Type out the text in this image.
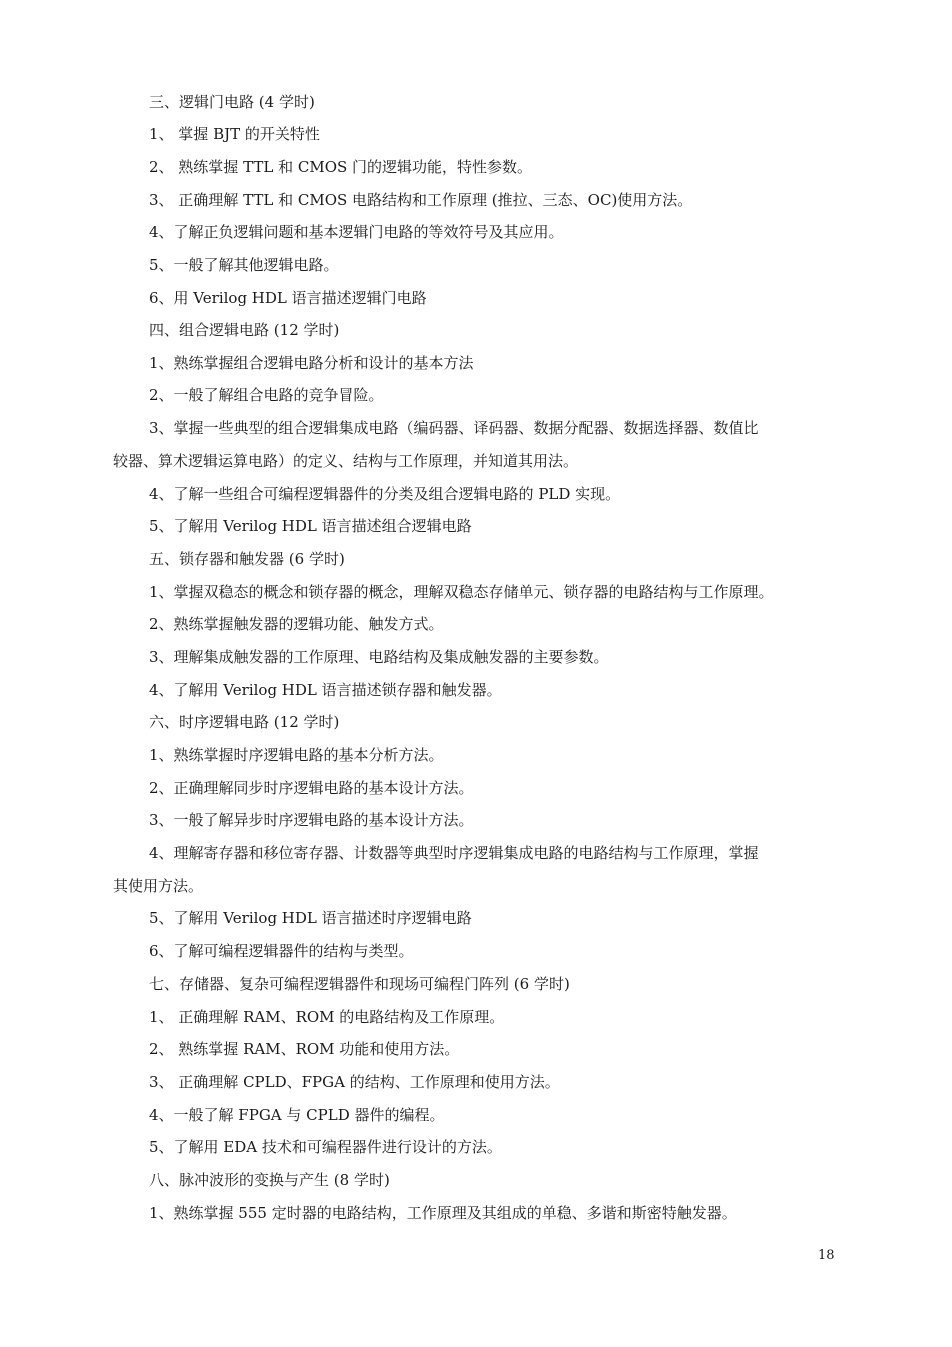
三、逻辑门电路 (4 学时)
1、 掌握 BJT 的开关特性
2、 熟练掌握 TTL 和 CMOS 门的逻辑功能，特性参数。
3、 正确理解 TTL 和 CMOS 电路结构和工作原理 (推拉、三态、OC)使用方法。
4、了解正负逻辑问题和基本逻辑门电路的等效符号及其应用。
5、一般了解其他逻辑电路。
6、用 Verilog HDL 语言描述逻辑门电路
四、组合逻辑电路 (12 学时)
1、熟练掌握组合逻辑电路分析和设计的基本方法
2、一般了解组合电路的竞争冒险。
3、掌握一些典型的组合逻辑集成电路（编码器、译码器、数据分配器、数据选择器、数值比
较器、算术逻辑运算电路）的定义、结构与工作原理，并知道其用法。
4、了解一些组合可编程逻辑器件的分类及组合逻辑电路的 PLD 实现。
5、了解用 Verilog HDL 语言描述组合逻辑电路
五、锁存器和触发器 (6 学时)
1、掌握双稳态的概念和锁存器的概念，理解双稳态存储单元、锁存器的电路结构与工作原理。
2、熟练掌握触发器的逻辑功能、触发方式。
3、理解集成触发器的工作原理、电路结构及集成触发器的主要参数。
4、了解用 Verilog HDL 语言描述锁存器和触发器。
六、时序逻辑电路 (12 学时)
1、熟练掌握时序逻辑电路的基本分析方法。
2、正确理解同步时序逻辑电路的基本设计方法。
3、一般了解异步时序逻辑电路的基本设计方法。
4、理解寄存器和移位寄存器、计数器等典型时序逻辑集成电路的电路结构与工作原理，掌握
其使用方法。
5、了解用 Verilog HDL 语言描述时序逻辑电路
6、了解可编程逻辑器件的结构与类型。
七、存储器、复杂可编程逻辑器件和现场可编程门阵列 (6 学时)
1、 正确理解 RAM、ROM 的电路结构及工作原理。
2、 熟练掌握 RAM、ROM 功能和使用方法。
3、 正确理解 CPLD、FPGA 的结构、工作原理和使用方法。
4、一般了解 FPGA 与 CPLD 器件的编程。
5、了解用 EDA 技术和可编程器件进行设计的方法。
八、脉冲波形的变换与产生 (8 学时)
1、熟练掌握 555 定时器的电路结构，工作原理及其组成的单稳、多谐和斯密特触发器。
18
